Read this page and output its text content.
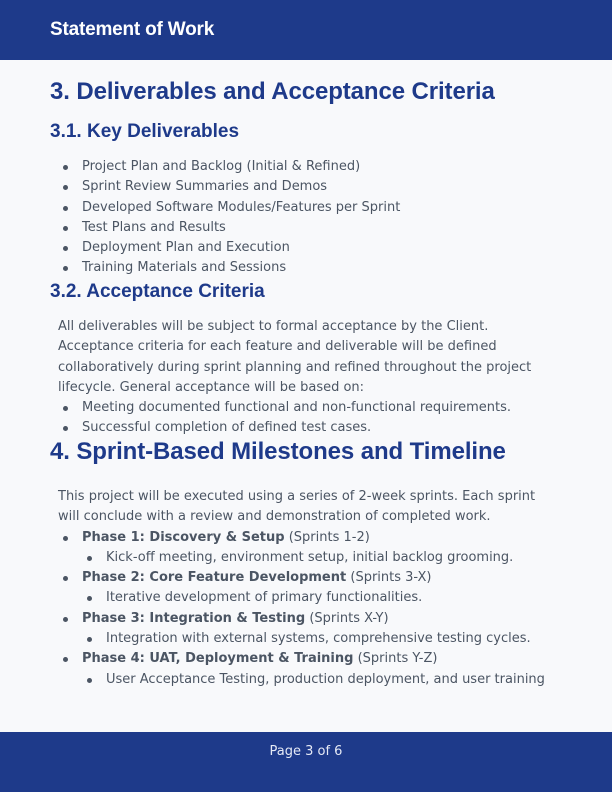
Statement of Work
3. Deliverables and Acceptance Criteria
3.1. Key Deliverables
Project Plan and Backlog (Initial & Refined)
Sprint Review Summaries and Demos
Developed Software Modules/Features per Sprint
Test Plans and Results
Deployment Plan and Execution
Training Materials and Sessions
3.2. Acceptance Criteria
All deliverables will be subject to formal acceptance by the Client.
Acceptance criteria for each feature and deliverable will be defined
collaboratively during sprint planning and refined throughout the project
lifecycle. General acceptance will be based on:
Meeting documented functional and non-functional requirements.
Successful completion of defined test cases.
4. Sprint-Based Milestones and Timeline
This project will be executed using a series of 2-week sprints. Each sprint
will conclude with a review and demonstration of completed work.
Phase 1: Discovery & Setup (Sprints 1-2)
Kick-off meeting, environment setup, initial backlog grooming.
Phase 2: Core Feature Development (Sprints 3-X)
Iterative development of primary functionalities.
Phase 3: Integration & Testing (Sprints X-Y)
Integration with external systems, comprehensive testing cycles.
Phase 4: UAT, Deployment & Training (Sprints Y-Z)
User Acceptance Testing, production deployment, and user training
Page 3 of 6
